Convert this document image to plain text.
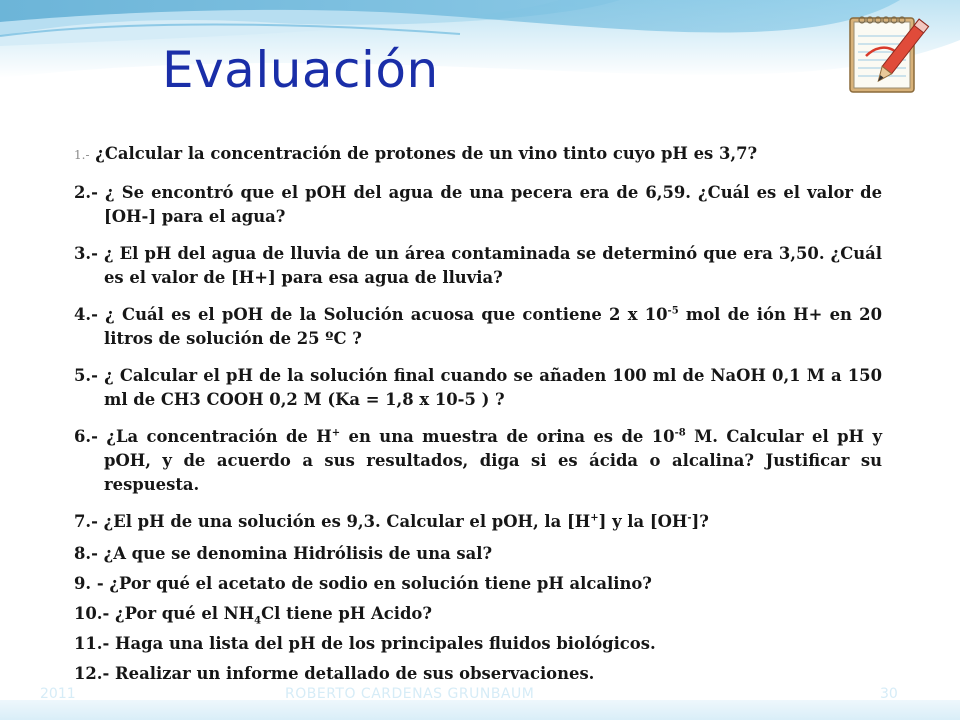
Evaluación
1.- ¿Calcular la concentración de protones de un vino tinto cuyo pH es 3,7?
2.- ¿ Se encontró que el pOH del agua de una pecera era de 6,59. ¿Cuál es el valor de [OH-] para el agua?
3.- ¿ El pH del agua de lluvia de un área contaminada se determinó que era 3,50. ¿Cuál es el valor de [H+] para esa agua de lluvia?
4.- ¿ Cuál es el pOH de la Solución acuosa que contiene 2 x $10^{-5}$ mol de ión H+ en 20 litros de solución de 25 ºC ?
5.- ¿ Calcular el pH de la solución final cuando se añaden 100 ml de NaOH 0,1 M a 150 ml de CH3 COOH 0,2 M (Ka = 1,8 x 10-5 ) ?
6.- ¿La concentración de H+ en una muestra de orina es de $10^{-8}$ M. Calcular el pH y pOH, y de acuerdo a sus resultados, diga si es ácida o alcalina? Justificar su respuesta.
7.- ¿El pH de una solución es 9,3. Calcular el pOH, la [H+] y la [OH-]?
8.- ¿A que se denomina Hidrólisis de una sal?
9. - ¿Por qué el acetato de sodio en solución tiene pH alcalino?
10.- ¿Por qué el $NH_4Cl$ tiene pH Acido?
11.- Haga una lista del pH de los principales fluidos biológicos.
12.- Realizar un informe detallado de sus observaciones.
2011	ROBERTO CARDENAS GRUNBAUM	30
